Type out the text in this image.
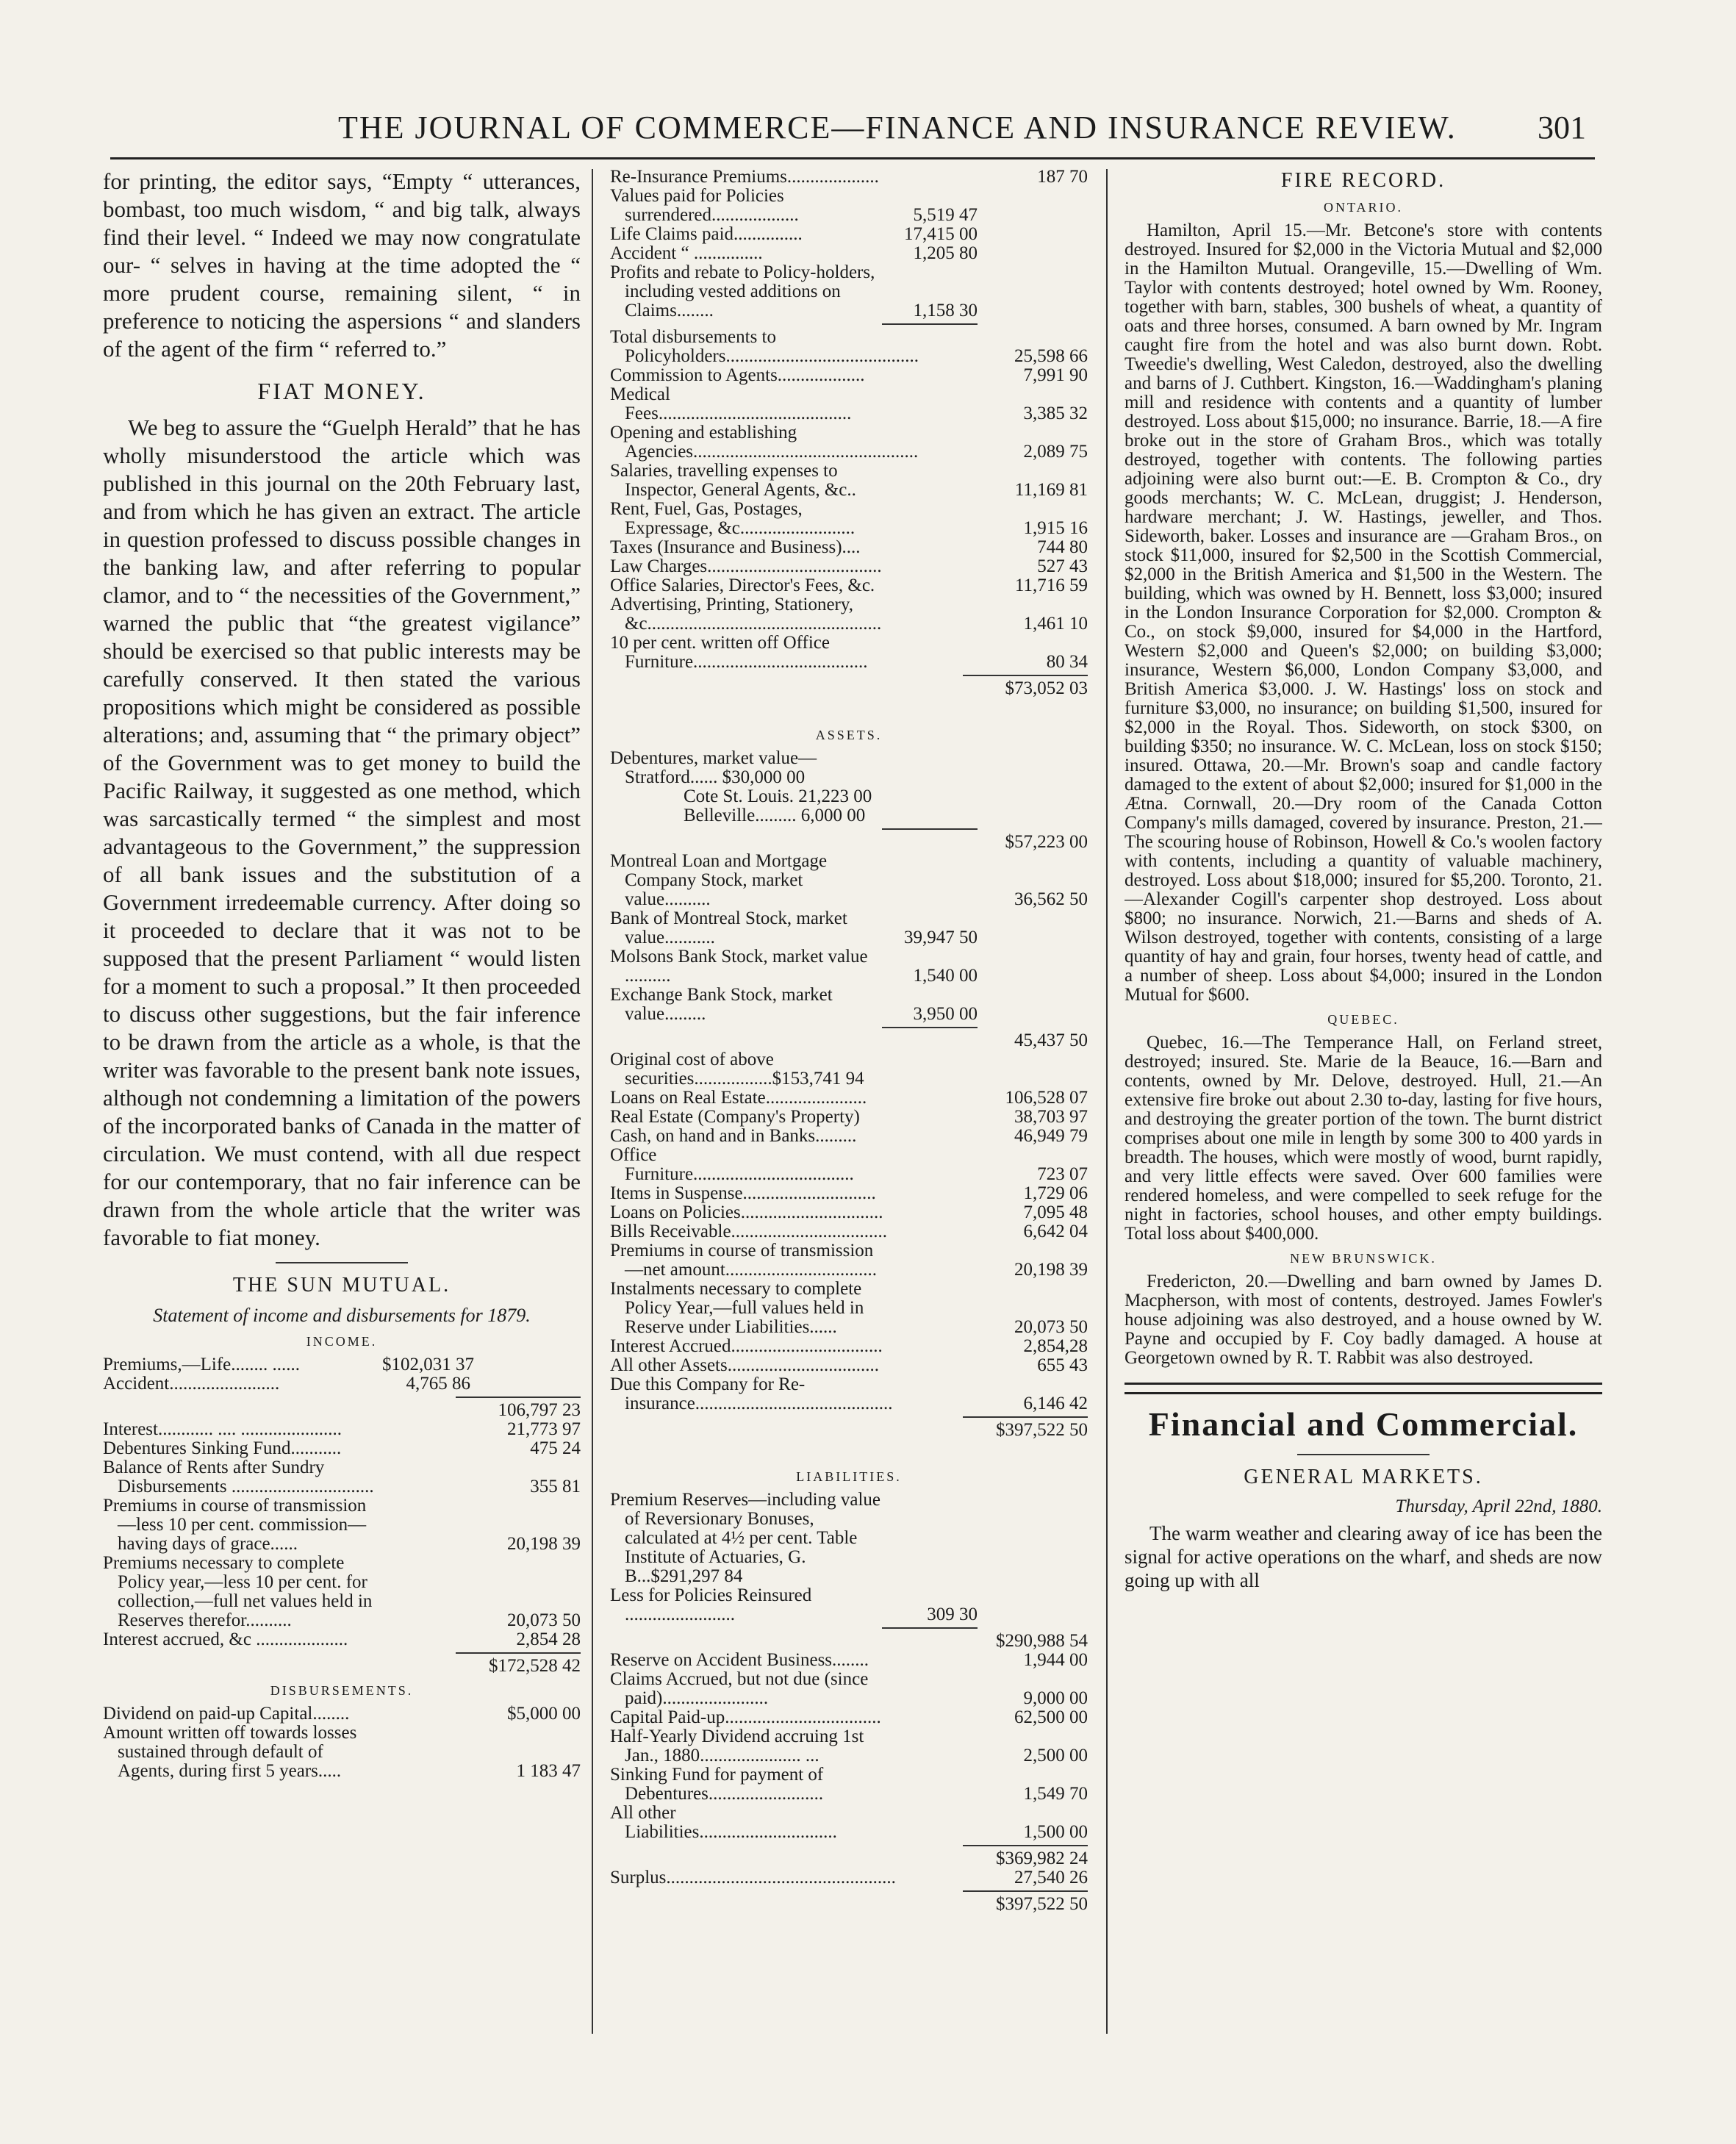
THE JOURNAL OF COMMERCE—FINANCE AND INSURANCE REVIEW.	301

for printing, the editor says, “Empty “ utterances, bombast, too much wisdom, “ and big talk, always find their level. “ Indeed we may now congratulate our- “ selves in having at the time adopted the “ more prudent course, remaining silent, “ in preference to noticing the aspersions “ and slanders of the agent of the firm “ referred to.”

FIAT MONEY.

We beg to assure the “Guelph Herald” that he has wholly misunderstood the article which was published in this journal on the 20th February last, and from which he has given an extract. The article in question professed to discuss possible changes in the banking law, and after referring to popular clamor, and to “ the necessities of the Government,” warned the public that “the greatest vigilance” should be exercised so that public interests may be carefully conserved. It then stated the various propositions which might be considered as possible alterations; and, assuming that “ the primary object” of the Government was to get money to build the Pacific Railway, it suggested as one method, which was sarcastically termed “ the simplest and most advantageous to the Government,” the suppression of all bank issues and the substitution of a Government irredeemable currency. After doing so it proceeded to declare that it was not to be supposed that the present Parliament “ would listen for a moment to such a proposal.” It then proceeded to discuss other suggestions, but the fair inference to be drawn from the article as a whole, is that the writer was favorable to the present bank note issues, although not condemning a limitation of the powers of the incorporated banks of Canada in the matter of circulation. We must contend, with all due respect for our contemporary, that no fair inference can be drawn from the whole article that the writer was favorable to fiat money.

THE SUN MUTUAL.
Statement of income and disbursements for 1879.
INCOME.
Premiums,—Life........ ......	$102,031 37
Accident........................	4,765 86
106,797 23
Interest............ .... ......................	21,773 97
Debentures Sinking Fund...........	475 24
Balance of Rents after Sundry Disbursements ...............................	355 81
Premiums in course of transmission—less 10 per cent. commission—having days of grace......	20,198 39
Premiums necessary to complete Policy year,—less 10 per cent. for collection,—full net values held in Reserves therefor..........	20,073 50
Interest accrued, &c ....................	2,854 28
$172,528 42
DISBURSEMENTS.
Dividend on paid-up Capital........	$5,000 00
Amount written off towards losses sustained through default of Agents, during first 5 years.....	1 183 47
Re-Insurance Premiums....................	187 70
Values paid for Policies surrendered...................	5,519 47
Life Claims paid...............	17,415 00
Accident “ ...............	1,205 80
Profits and rebate to Policy-holders, including vested additions on Claims........	1,158 30
Total disbursements to Policyholders..........................................	25,598 66
Commission to Agents...................	7,991 90
Medical Fees..........................................	3,385 32
Opening and establishing Agencies.................................................	2,089 75
Salaries, travelling expenses to Inspector, General Agents, &c..	11,169 81
Rent, Fuel, Gas, Postages, Expressage, &c.........................	1,915 16
Taxes (Insurance and Business)....	744 80
Law Charges......................................	527 43
Office Salaries, Director's Fees, &c.	11,716 59
Advertising, Printing, Stationery, &c...................................................	1,461 10
10 per cent. written off Office Furniture......................................	80 34
$73,052 03
ASSETS.
Debentures, market value—Stratford...... $30,000 00
Cote St. Louis. 21,223 00
Belleville......... 6,000 00
$57,223 00
Montreal Loan and Mortgage Company Stock, market value..........	36,562 50
Bank of Montreal Stock, market value...........	39,947 50
Molsons Bank Stock, market value ..........	1,540 00
Exchange Bank Stock, market value.........	3,950 00
45,437 50
Original cost of above securities.................$153,741 94
Loans on Real Estate......................	106,528 07
Real Estate (Company's Property)	38,703 97
Cash, on hand and in Banks.........	46,949 79
Office Furniture...................................	723 07
Items in Suspense.............................	1,729 06
Loans on Policies...............................	7,095 48
Bills Receivable..................................	6,642 04
Premiums in course of transmission —net amount.................................	20,198 39
Instalments necessary to complete Policy Year,—full values held in Reserve under Liabilities......	20,073 50
Interest Accrued.................................	2,854,28
All other Assets.................................	655 43
Due this Company for Re-insurance...........................................	6,146 42
$397,522 50
LIABILITIES.
Premium Reserves—including value of Reversionary Bonuses, calculated at 4½ per cent. Table Institute of Actuaries, G. B...$291,297 84
Less for Policies Reinsured ........................	309 30
$290,988 54
Reserve on Accident Business........	1,944 00
Claims Accrued, but not due (since paid).......................	9,000 00
Capital Paid-up..................................	62,500 00
Half-Yearly Dividend accruing 1st Jan., 1880...................... ...	2,500 00
Sinking Fund for payment of Debentures.........................	1,549 70
All other Liabilities..............................	1,500 00
$369,982 24
Surplus..................................................	27,540 26
$397,522 50
FIRE RECORD.
ONTARIO.

Hamilton, April 15.—Mr. Betcone's store with contents destroyed. Insured for $2,000 in the Victoria Mutual and $2,000 in the Hamilton Mutual. Orangeville, 15.—Dwelling of Wm. Taylor with contents destroyed; hotel owned by Wm. Rooney, together with barn, stables, 300 bushels of wheat, a quantity of oats and three horses, consumed. A barn owned by Mr. Ingram caught fire from the hotel and was also burnt down. Robt. Tweedie's dwelling, West Caledon, destroyed, also the dwelling and barns of J. Cuthbert. Kingston, 16.—Waddingham's planing mill and residence with contents and a quantity of lumber destroyed. Loss about $15,000; no insurance. Barrie, 18.—A fire broke out in the store of Graham Bros., which was totally destroyed, together with contents. The following parties adjoining were also burnt out:—E. B. Crompton & Co., dry goods merchants; W. C. McLean, druggist; J. Henderson, hardware merchant; J. W. Hastings, jeweller, and Thos. Sideworth, baker. Losses and insurance are —Graham Bros., on stock $11,000, insured for $2,500 in the Scottish Commercial, $2,000 in the British America and $1,500 in the Western. The building, which was owned by H. Bennett, loss $3,000; insured in the London Insurance Corporation for $2,000. Crompton & Co., on stock $9,000, insured for $4,000 in the Hartford, Western $2,000 and Queen's $2,000; on building $3,000; insurance, Western $6,000, London Company $3,000, and British America $3,000. J. W. Hastings' loss on stock and furniture $3,000, no insurance; on building $1,500, insured for $2,000 in the Royal. Thos. Sideworth, on stock $300, on building $350; no insurance. W. C. McLean, loss on stock $150; insured. Ottawa, 20.—Mr. Brown's soap and candle factory damaged to the extent of about $2,000; insured for $1,000 in the Ætna. Cornwall, 20.—Dry room of the Canada Cotton Company's mills damaged, covered by insurance. Preston, 21.—The scouring house of Robinson, Howell & Co.'s woolen factory with contents, including a quantity of valuable machinery, destroyed. Loss about $18,000; insured for $5,200. Toronto, 21.—Alexander Cogill's carpenter shop destroyed. Loss about $800; no insurance. Norwich, 21.—Barns and sheds of A. Wilson destroyed, together with contents, consisting of a large quantity of hay and grain, four horses, twenty head of cattle, and a number of sheep. Loss about $4,000; insured in the London Mutual for $600.

QUEBEC.

Quebec, 16.—The Temperance Hall, on Ferland street, destroyed; insured. Ste. Marie de la Beauce, 16.—Barn and contents, owned by Mr. Delove, destroyed. Hull, 21.—An extensive fire broke out about 2.30 to-day, lasting for five hours, and destroying the greater portion of the town. The burnt district comprises about one mile in length by some 300 to 400 yards in breadth. The houses, which were mostly of wood, burnt rapidly, and very little effects were saved. Over 600 families were rendered homeless, and were compelled to seek refuge for the night in factories, school houses, and other empty buildings. Total loss about $400,000.

NEW BRUNSWICK.

Fredericton, 20.—Dwelling and barn owned by James D. Macpherson, with most of contents, destroyed. James Fowler's house adjoining was also destroyed, and a house owned by W. Payne and occupied by F. Coy badly damaged. A house at Georgetown owned by R. T. Rabbit was also destroyed.

Financial and Commercial.
GENERAL MARKETS.
Thursday, April 22nd, 1880.

The warm weather and clearing away of ice has been the signal for active operations on the wharf, and sheds are now going up with all
